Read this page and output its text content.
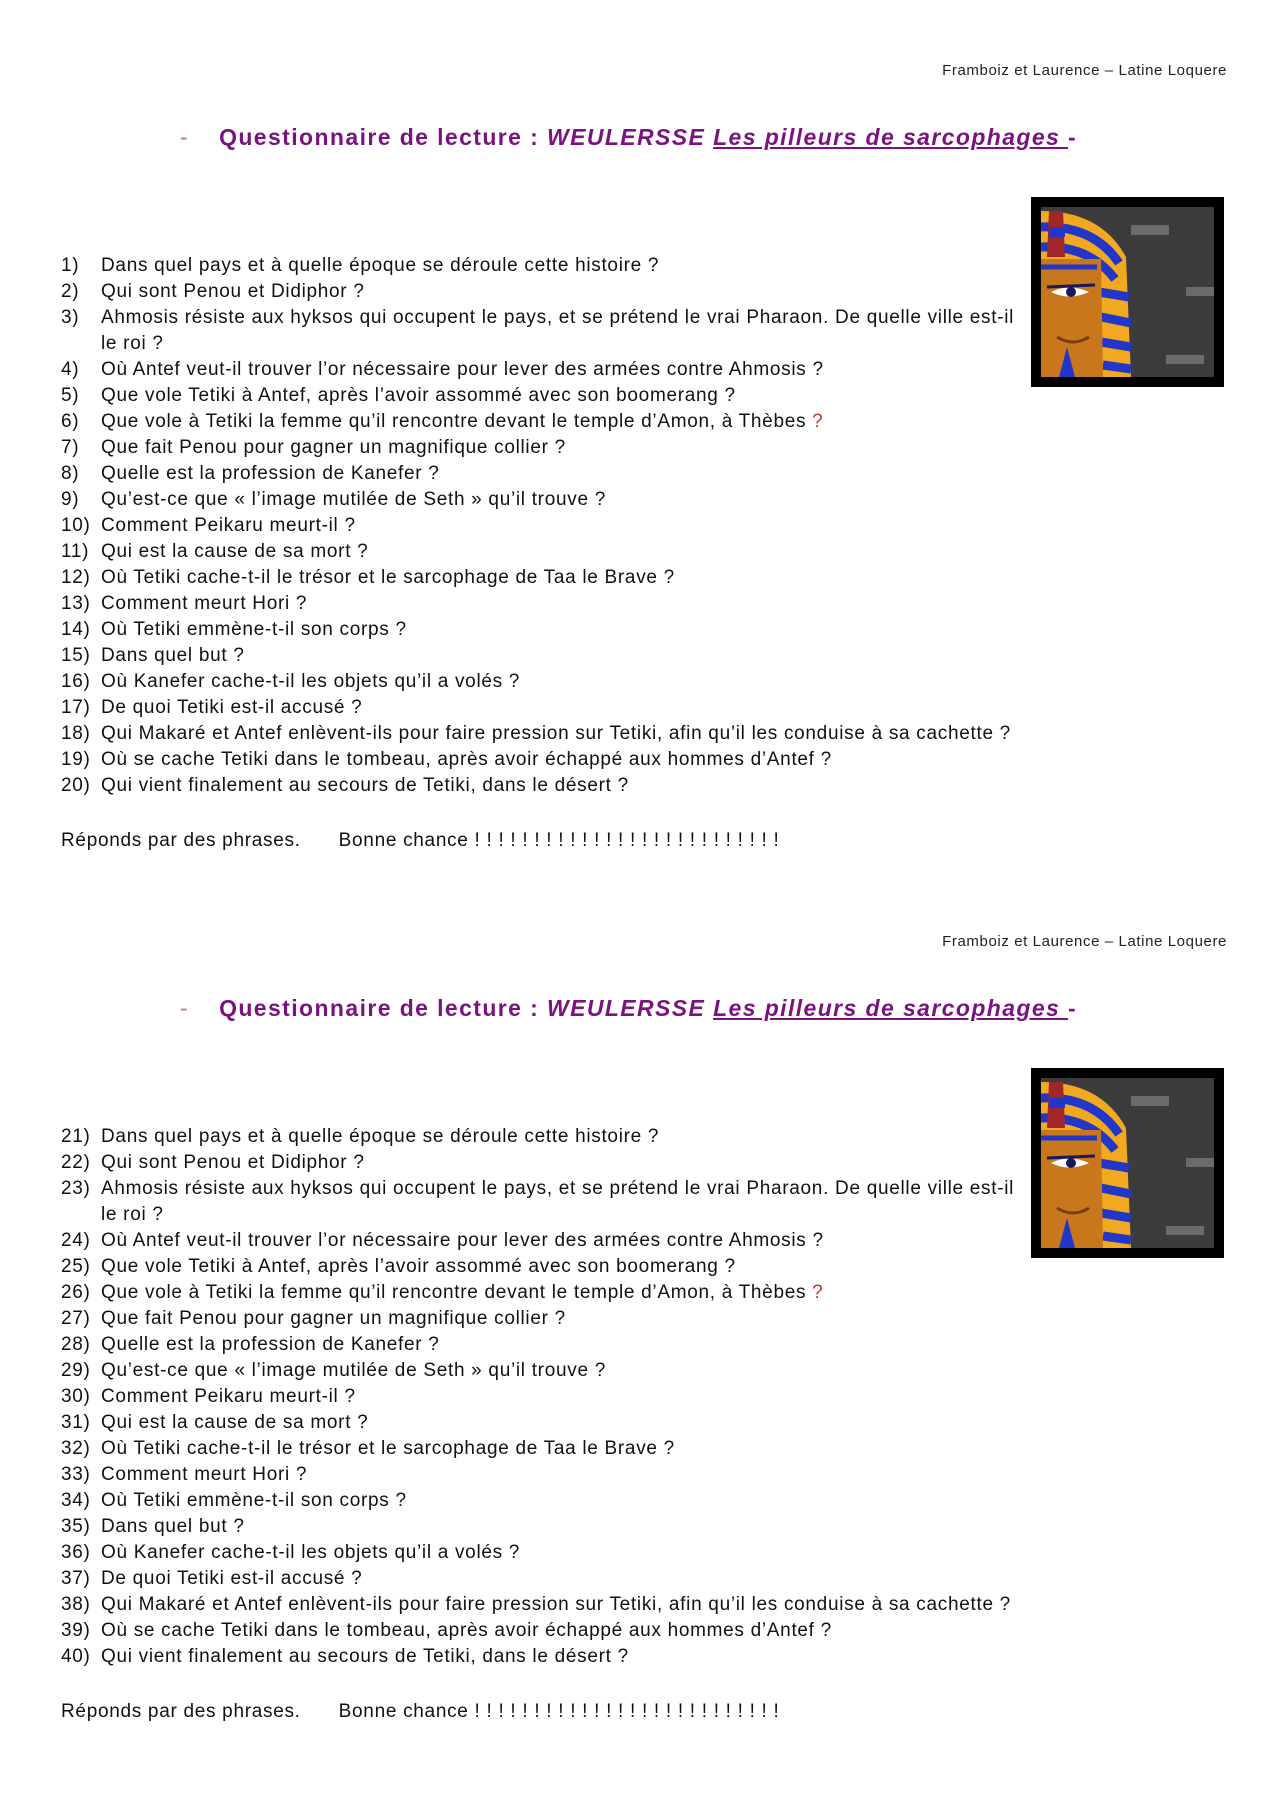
Framboiz et Laurence – Latine Loquere
- Questionnaire de lecture : WEULERSSE Les pilleurs de sarcophages -
1) Dans quel pays et à quelle époque se déroule cette histoire ?
2) Qui sont Penou et Didiphor ?
3) Ahmosis résiste aux hyksos qui occupent le pays, et se prétend le vrai Pharaon. De quelle ville est-il le roi ?
4) Où Antef veut-il trouver l’or nécessaire pour lever des armées contre Ahmosis ?
5) Que vole Tetiki à Antef, après l’avoir assommé avec son boomerang ?
6) Que vole à Tetiki la femme qu’il rencontre devant le temple d’Amon, à Thèbes ?
7) Que fait Penou pour gagner un magnifique collier ?
8) Quelle est la profession de Kanefer ?
9) Qu’est-ce que « l’image mutilée de Seth » qu’il trouve ?
10) Comment Peikaru meurt-il ?
11) Qui est la cause de sa mort ?
12) Où Tetiki cache-t-il le trésor et le sarcophage de Taa le Brave ?
13) Comment meurt Hori ?
14) Où Tetiki emmène-t-il son corps ?
15) Dans quel but ?
16) Où Kanefer cache-t-il les objets qu’il a volés ?
17) De quoi Tetiki est-il accusé ?
18) Qui Makaré et Antef enlèvent-ils pour faire pression sur Tetiki, afin qu’il les conduise à sa cachette ?
19) Où se cache Tetiki dans le tombeau, après avoir échappé aux hommes d’Antef ?
20) Qui vient finalement au secours de Tetiki, dans le désert ?
Réponds par des phrases. Bonne chance ! ! ! ! ! ! ! ! ! ! ! ! ! ! ! ! ! ! ! ! ! ! ! ! ! !
Framboiz et Laurence – Latine Loquere
- Questionnaire de lecture : WEULERSSE Les pilleurs de sarcophages -
21) Dans quel pays et à quelle époque se déroule cette histoire ?
22) Qui sont Penou et Didiphor ?
23) Ahmosis résiste aux hyksos qui occupent le pays, et se prétend le vrai Pharaon. De quelle ville est-il le roi ?
24) Où Antef veut-il trouver l’or nécessaire pour lever des armées contre Ahmosis ?
25) Que vole Tetiki à Antef, après l’avoir assommé avec son boomerang ?
26) Que vole à Tetiki la femme qu’il rencontre devant le temple d’Amon, à Thèbes ?
27) Que fait Penou pour gagner un magnifique collier ?
28) Quelle est la profession de Kanefer ?
29) Qu’est-ce que « l’image mutilée de Seth » qu’il trouve ?
30) Comment Peikaru meurt-il ?
31) Qui est la cause de sa mort ?
32) Où Tetiki cache-t-il le trésor et le sarcophage de Taa le Brave ?
33) Comment meurt Hori ?
34) Où Tetiki emmène-t-il son corps ?
35) Dans quel but ?
36) Où Kanefer cache-t-il les objets qu’il a volés ?
37) De quoi Tetiki est-il accusé ?
38) Qui Makaré et Antef enlèvent-ils pour faire pression sur Tetiki, afin qu’il les conduise à sa cachette ?
39) Où se cache Tetiki dans le tombeau, après avoir échappé aux hommes d’Antef ?
40) Qui vient finalement au secours de Tetiki, dans le désert ?
Réponds par des phrases. Bonne chance ! ! ! ! ! ! ! ! ! ! ! ! ! ! ! ! ! ! ! ! ! ! ! ! ! !
